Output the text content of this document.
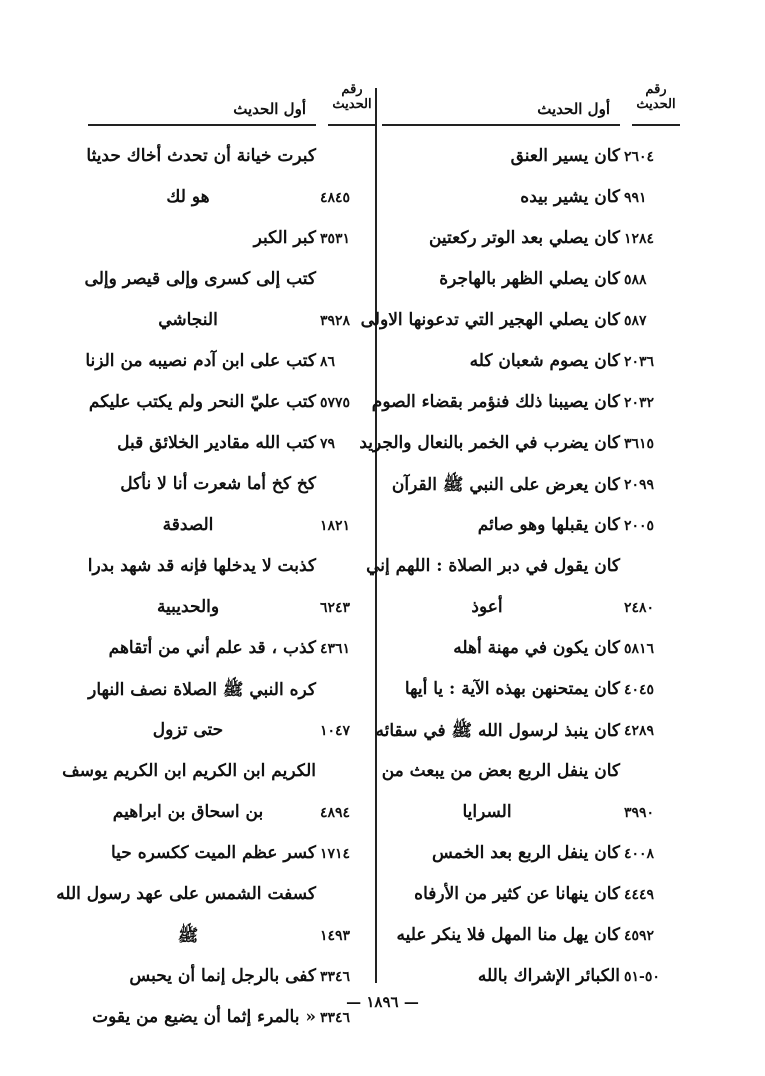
رقم
الحديث
أول الحديث
٢٦٠٤
كان يسير العنق
٩٩١
كان يشير بيده
١٢٨٤
كان يصلي بعد الوتر ركعتين
٥٨٨
كان يصلي الظهر بالهاجرة
٥٨٧
كان يصلي الهجير التي تدعونها الاولى
٢٠٣٦
كان يصوم شعبان كله
٢٠٣٢
كان يصيبنا ذلك فنؤمر بقضاء الصوم
٣٦١٥
كان يضرب في الخمر بالنعال والجريد
٢٠٩٩
كان يعرض على النبي ﷺ القرآن
٢٠٠٥
كان يقبلها وهو صائم
كان يقول في دبر الصلاة : اللهم إني
٢٤٨٠
أعوذ
٥٨١٦
كان يكون في مهنة أهله
٤٠٤٥
كان يمتحنهن بهذه الآية : يا أيها
٤٢٨٩
كان ينبذ لرسول الله ﷺ في سقائه
كان ينفل الربع بعض من يبعث من
٣٩٩٠
السرايا
٤٠٠٨
كان ينفل الربع بعد الخمس
٤٤٤٩
كان ينهانا عن كثير من الأرفاه
٤٥٩٢
كان يهل منا المهل فلا ينكر عليه
٥٠-٥١
الكبائر الإشراك بالله
رقم
الحديث
أول الحديث
كبرت خيانة أن تحدث أخاك حديثا
٤٨٤٥
هو لك
٣٥٣١
كبر الكبر
كتب إلى كسرى وإلى قيصر وإلى
٣٩٢٨
النجاشي
٨٦
كتب على ابن آدم نصيبه من الزنا
٥٧٧٥
كتب عليّ النحر ولم يكتب عليكم
٧٩
كتب الله مقادير الخلائق قبل
كخ كخ أما شعرت أنا لا نأكل
١٨٢١
الصدقة
كذبت لا يدخلها فإنه قد شهد بدرا
٦٢٤٣
والحديبية
٤٣٦١
كذب ، قد علم أني من أتقاهم
كره النبي ﷺ الصلاة نصف النهار
١٠٤٧
حتى تزول
الكريم ابن الكريم ابن الكريم يوسف
٤٨٩٤
بن اسحاق بن ابراهيم
١٧١٤
كسر عظم الميت ككسره حيا
كسفت الشمس على عهد رسول الله
١٤٩٣
ﷺ
٣٣٤٦
كفى بالرجل إنما أن يحبس
٣٣٤٦
« بالمرء إثما أن يضيع من يقوت
— ١٨٩٦ —
